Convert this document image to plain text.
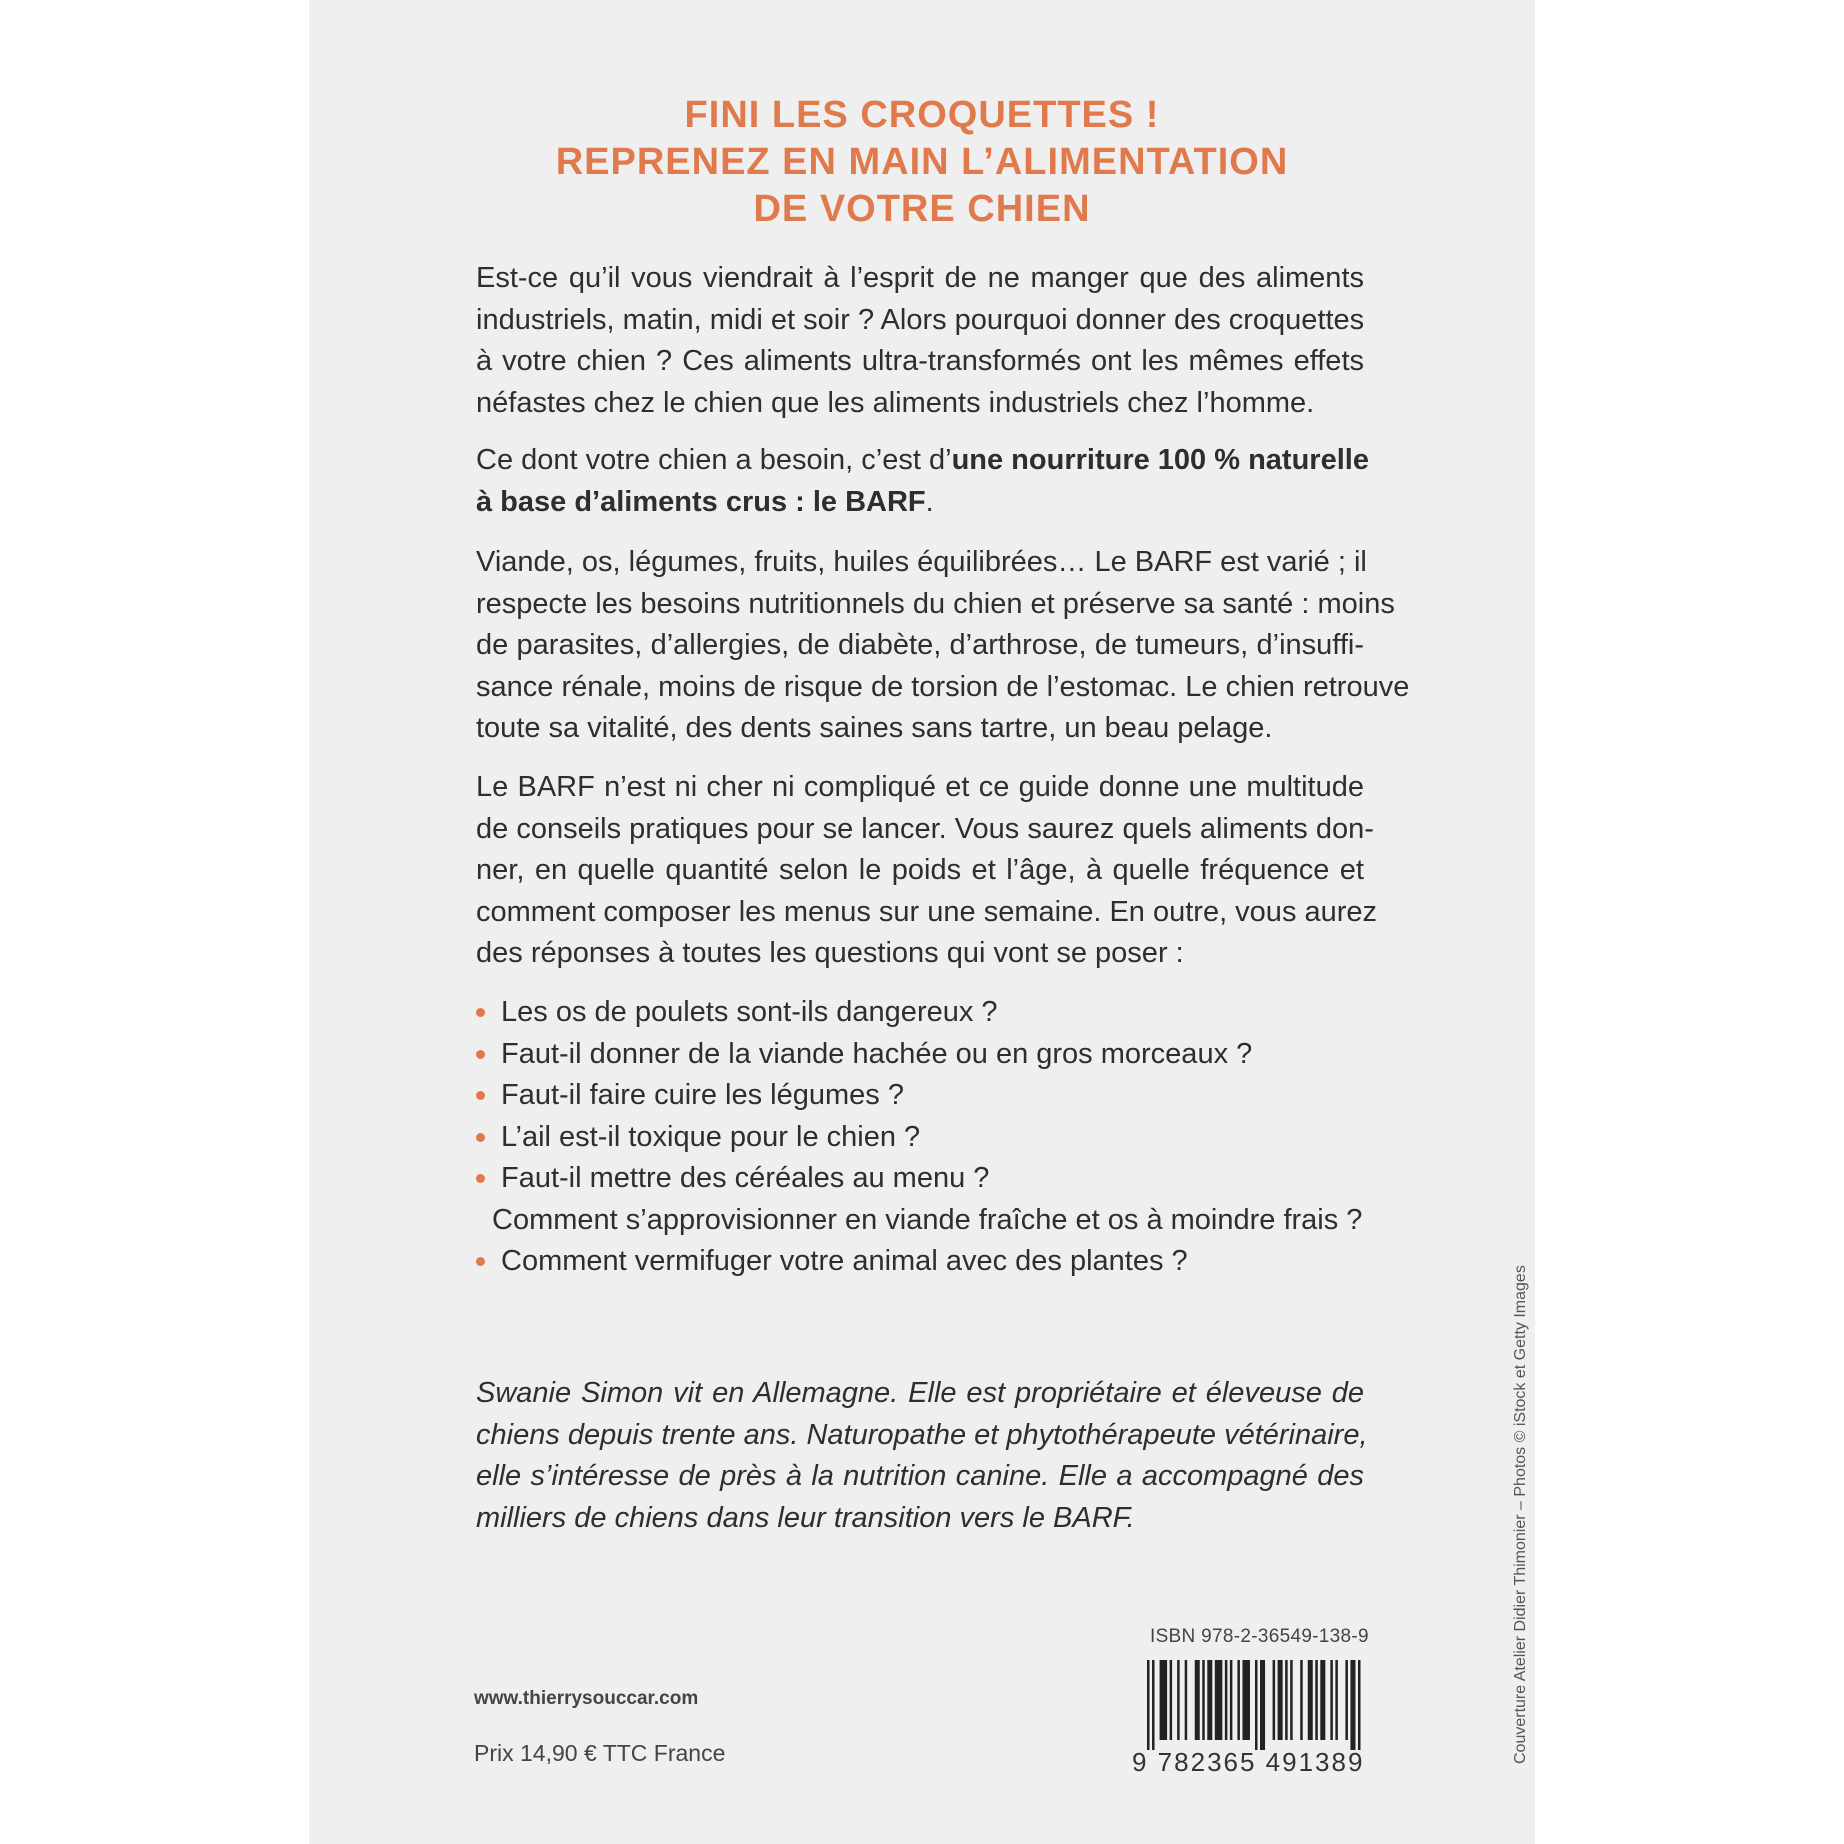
FINI LES CROQUETTES !
REPRENEZ EN MAIN L’ALIMENTATION
DE VOTRE CHIEN
Est-ce qu’il vous viendrait à l’esprit de ne manger que des aliments
industriels, matin, midi et soir ? Alors pourquoi donner des croquettes
à votre chien ? Ces aliments ultra-transformés ont les mêmes effets
néfastes chez le chien que les aliments industriels chez l’homme.
Ce dont votre chien a besoin, c’est d’une nourriture 100 % naturelle
à base d’aliments crus : le BARF.
Viande, os, légumes, fruits, huiles équilibrées… Le BARF est varié ; il
respecte les besoins nutritionnels du chien et préserve sa santé : moins
de parasites, d’allergies, de diabète, d’arthrose, de tumeurs, d’insuffi-
sance rénale, moins de risque de torsion de l’estomac. Le chien retrouve
toute sa vitalité, des dents saines sans tartre, un beau pelage.
Le BARF n’est ni cher ni compliqué et ce guide donne une multitude
de conseils pratiques pour se lancer. Vous saurez quels aliments don-
ner, en quelle quantité selon le poids et l’âge, à quelle fréquence et
comment composer les menus sur une semaine. En outre, vous aurez
des réponses à toutes les questions qui vont se poser :
Les os de poulets sont-ils dangereux ?
Faut-il donner de la viande hachée ou en gros morceaux ?
Faut-il faire cuire les légumes ?
L’ail est-il toxique pour le chien ?
Faut-il mettre des céréales au menu ?
Comment s’approvisionner en viande fraîche et os à moindre frais ?
Comment vermifuger votre animal avec des plantes ?
Swanie Simon vit en Allemagne. Elle est propriétaire et éleveuse de
chiens depuis trente ans. Naturopathe et phytothérapeute vétérinaire,
elle s’intéresse de près à la nutrition canine. Elle a accompagné des
milliers de chiens dans leur transition vers le BARF.
ISBN 978-2-36549-138-9
9 782365 491389
www.thierrysouccar.com
Prix 14,90 € TTC France	Couverture Atelier Didier Thimonier – Photos © iStock et Getty Images
